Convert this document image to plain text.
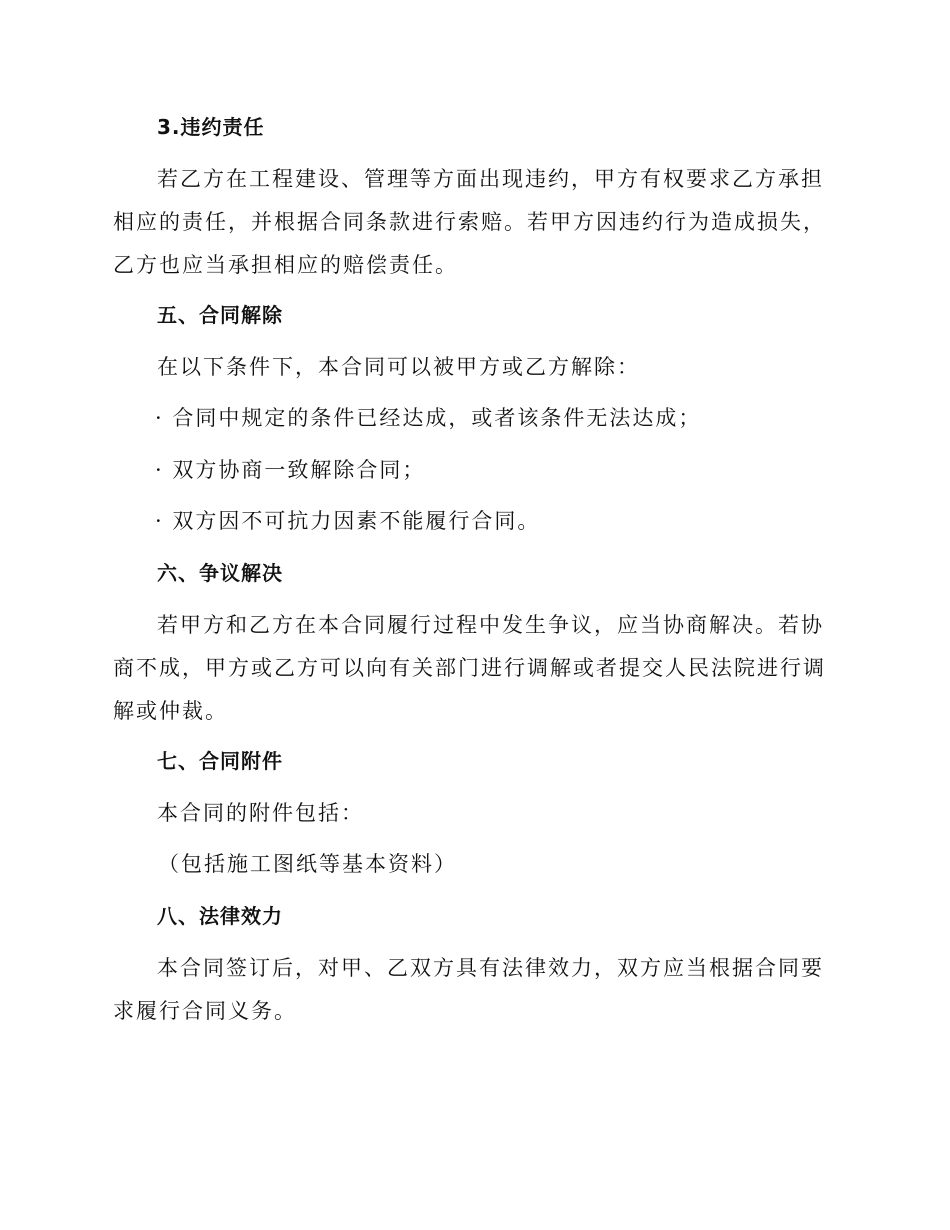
3.违约责任

若乙方在工程建设、管理等方面出现违约，甲方有权要求乙方承担相应的责任，并根据合同条款进行索赔。若甲方因违约行为造成损失，乙方也应当承担相应的赔偿责任。

五、合同解除

在以下条件下，本合同可以被甲方或乙方解除：

· 合同中规定的条件已经达成，或者该条件无法达成；

· 双方协商一致解除合同；

· 双方因不可抗力因素不能履行合同。

六、争议解决

若甲方和乙方在本合同履行过程中发生争议，应当协商解决。若协商不成，甲方或乙方可以向有关部门进行调解或者提交人民法院进行调解或仲裁。

七、合同附件

本合同的附件包括：

（包括施工图纸等基本资料）

八、法律效力

本合同签订后，对甲、乙双方具有法律效力，双方应当根据合同要求履行合同义务。
